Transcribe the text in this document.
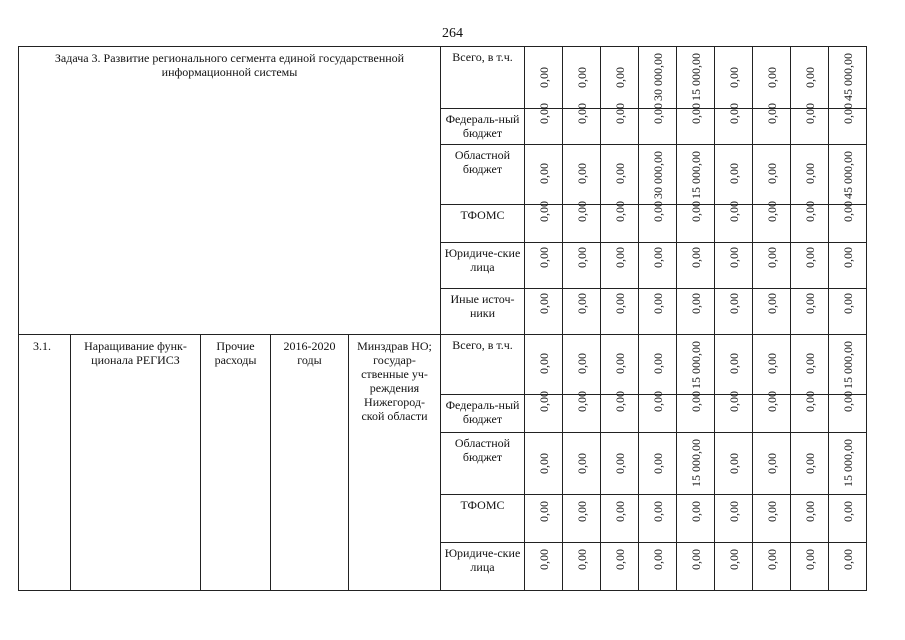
264
Задача 3. Развитие регионального сегмента единой государственной информационной системы					Всего, в т.ч.	0,00	0,00	0,00	30 000,00	15 000,00	0,00	0,00	0,00	45 000,00

					Федераль-ный бюджет	0,00	0,00	0,00	0,00	0,00	0,00	0,00	0,00	0,00

					Областной бюджет	0,00	0,00	0,00	30 000,00	15 000,00	0,00	0,00	0,00	45 000,00

					ТФОМС	0,00	0,00	0,00	0,00	0,00	0,00	0,00	0,00	0,00

					Юридиче-ские лица	0,00	0,00	0,00	0,00	0,00	0,00	0,00	0,00	0,00

					Иные источ-ники	0,00	0,00	0,00	0,00	0,00	0,00	0,00	0,00	0,00

3.1.	Наращивание функ-ционала РЕГИСЗ	Прочие расходы	2016-2020 годы	Минздрав НО; государ-ственные уч-реждения Нижегород-ской области	Всего, в т.ч.	0,00	0,00	0,00	0,00	15 000,00	0,00	0,00	0,00	15 000,00

					Федераль-ный бюджет	0,00	0,00	0,00	0,00	0,00	0,00	0,00	0,00	0,00

					Областной бюджет	0,00	0,00	0,00	0,00	15 000,00	0,00	0,00	0,00	15 000,00

					ТФОМС	0,00	0,00	0,00	0,00	0,00	0,00	0,00	0,00	0,00

					Юридиче-ские лица	0,00	0,00	0,00	0,00	0,00	0,00	0,00	0,00	0,00
